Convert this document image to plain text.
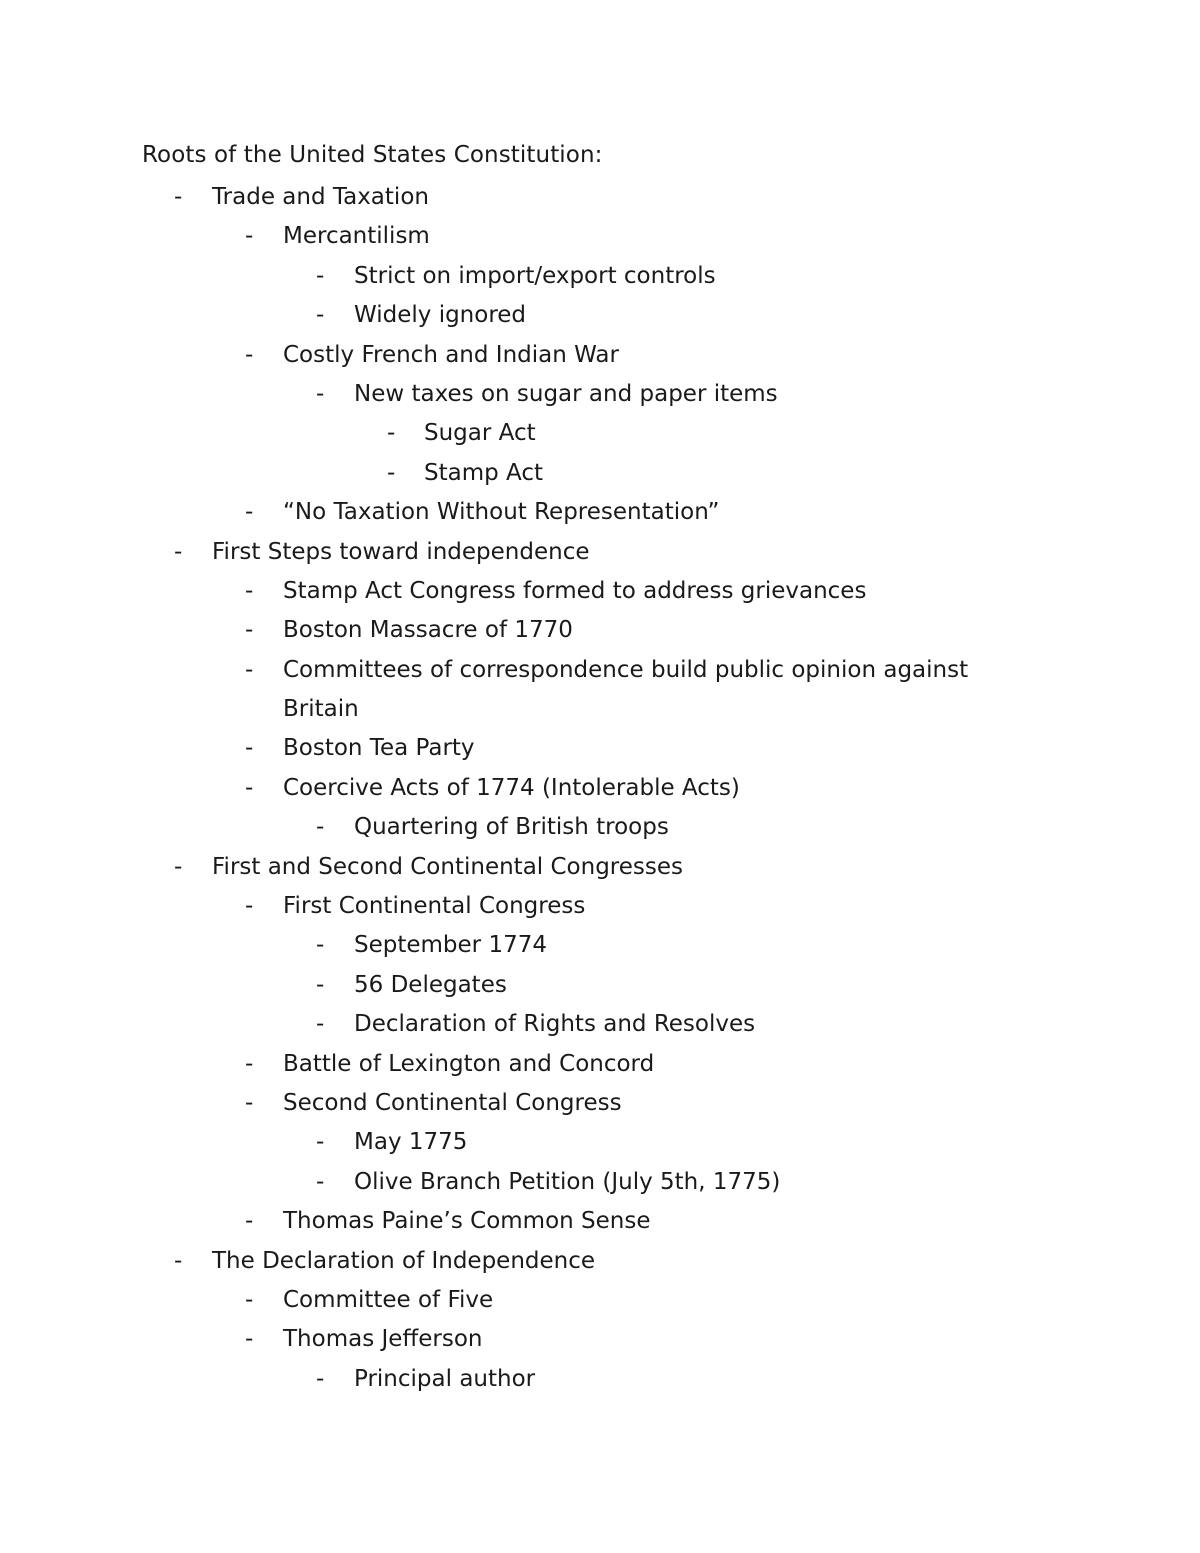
Roots of the United States Constitution:
-	Trade and Taxation
-	Mercantilism
-	Strict on import/export controls
-	Widely ignored
-	Costly French and Indian War
-	New taxes on sugar and paper items
-	Sugar Act
-	Stamp Act
-	“No Taxation Without Representation”
-	First Steps toward independence
-	Stamp Act Congress formed to address grievances
-	Boston Massacre of 1770
-	Committees of correspondence build public opinion against
Britain
-	Boston Tea Party
-	Coercive Acts of 1774 (Intolerable Acts)
-	Quartering of British troops
-	First and Second Continental Congresses
-	First Continental Congress
-	September 1774
-	56 Delegates
-	Declaration of Rights and Resolves
-	Battle of Lexington and Concord
-	Second Continental Congress
-	May 1775
-	Olive Branch Petition (July 5th, 1775)
-	Thomas Paine’s Common Sense
-	The Declaration of Independence
-	Committee of Five
-	Thomas Jefferson
-	Principal author
